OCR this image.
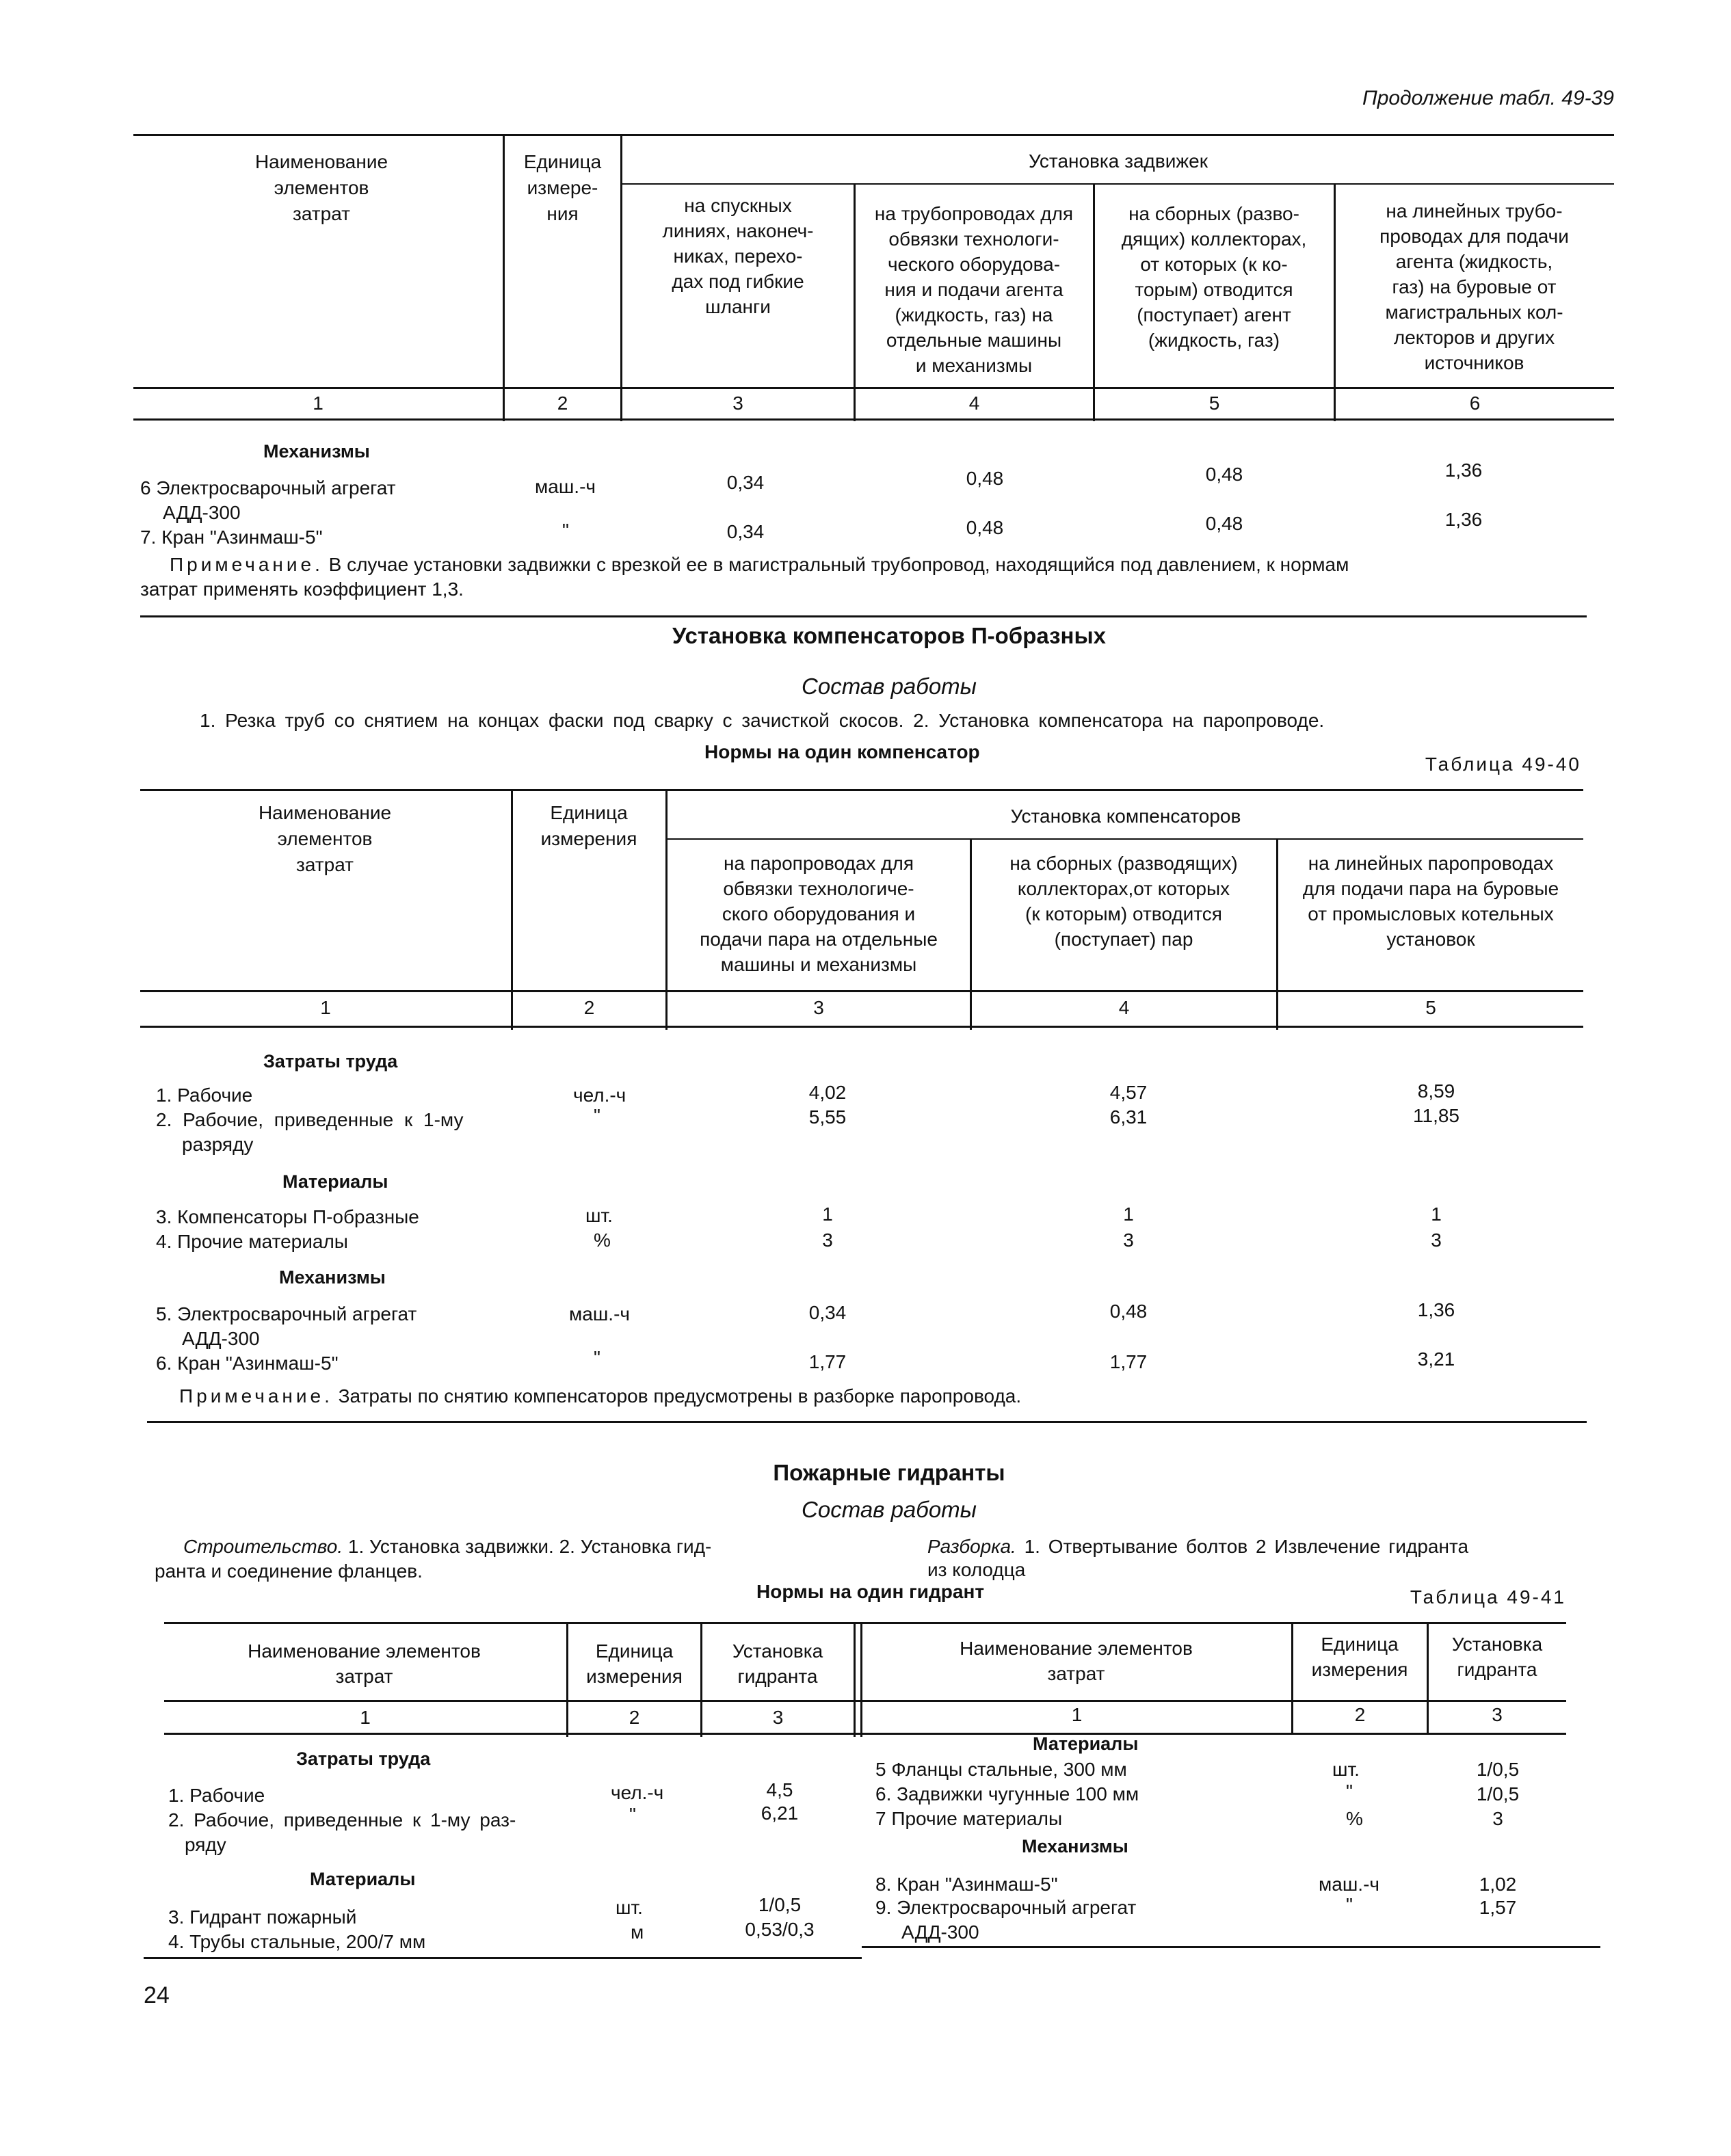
Продолжение табл. 49-39
Наименование
элементов
затрат
Единица
измере-
ния
Установка задвижек
на спускных
линиях, наконеч-
никах, перехо-
дах под гибкие
шланги
на трубопроводах для
обвязки технологи-
ческого оборудова-
ния и подачи агента
(жидкость, газ) на
отдельные машины
и механизмы
на сборных (разво-
дящих) коллекторах,
от которых (к ко-
торым) отводится
(поступает) агент
(жидкость, газ)
на линейных трубо-
проводах для подачи
агента (жидкость,
газ) на буровые от
магистральных кол-
лекторов и других
источников
1	2	3	4	5	6
Механизмы
6 Электросварочный агрегат
АДД-300
маш.-ч	0,34	0,48	0,48	1,36
7. Кран "Азинмаш-5"	"	0,34	0,48	0,48	1,36
Примечание. В случае установки задвижки с врезкой ее в магистральный трубопровод, находящийся под давлением, к нормам
затрат применять коэффициент 1,3.
Установка компенсаторов П-образных
Состав работы
1. Резка труб со снятием на концах фаски под сварку с зачисткой скосов. 2. Установка компенсатора на паропроводе.
Нормы на один компенсатор
Таблица 49-40
Наименование
элементов
затрат
Единица
измерения
Установка компенсаторов
на паропроводах для
обвязки технологиче-
ского оборудования и
подачи пара на отдельные
машины и механизмы
на сборных (разводящих)
коллекторах,от которых
(к которым) отводится
(поступает) пар
на линейных паропроводах
для подачи пара на буровые
от промысловых котельных
установок
1	2	3	4	5
Затраты труда
1. Рабочие	чел.-ч	4,02	4,57	8,59
2. Рабочие, приведенные к 1-му
разряду
"	5,55	6,31	11,85
Материалы
3. Компенсаторы П-образные	шт.	1	1	1
4. Прочие материалы	%	3	3	3
Механизмы
5. Электросварочный агрегат
АДД-300
маш.-ч	0,34	0,48	1,36
6. Кран "Азинмаш-5"	"	1,77	1,77	3,21
Примечание. Затраты по снятию компенсаторов предусмотрены в разборке паропровода.
Пожарные гидранты
Состав работы
Строительство. 1. Установка задвижки. 2. Установка гид-
ранта и соединение фланцев.
Разборка. 1. Отвертывание болтов 2 Извлечение гидранта
из колодца
Нормы на один гидрант	Таблица 49-41
Наименование элементов
затрат
Единица
измерения
Установка
гидранта
Наименование элементов
затрат
Единица
измерения
Установка
гидранта
1	2	3	1	2	3
Затраты труда
1. Рабочие	чел.-ч	4,5
2. Рабочие, приведенные к 1-му раз-
ряду
"	6,21
Материалы
3. Гидрант пожарный	шт.	1/0,5
4. Трубы стальные, 200/7 мм	м	0,53/0,3
Материалы
5 Фланцы стальные, 300 мм	шт.	1/0,5
6. Задвижки чугунные 100 мм	"	1/0,5
7 Прочие материалы	%	3
Механизмы
8. Кран "Азинмаш-5"	маш.-ч	1,02
9. Электросварочный агрегат
АДД-300
"	1,57
24
